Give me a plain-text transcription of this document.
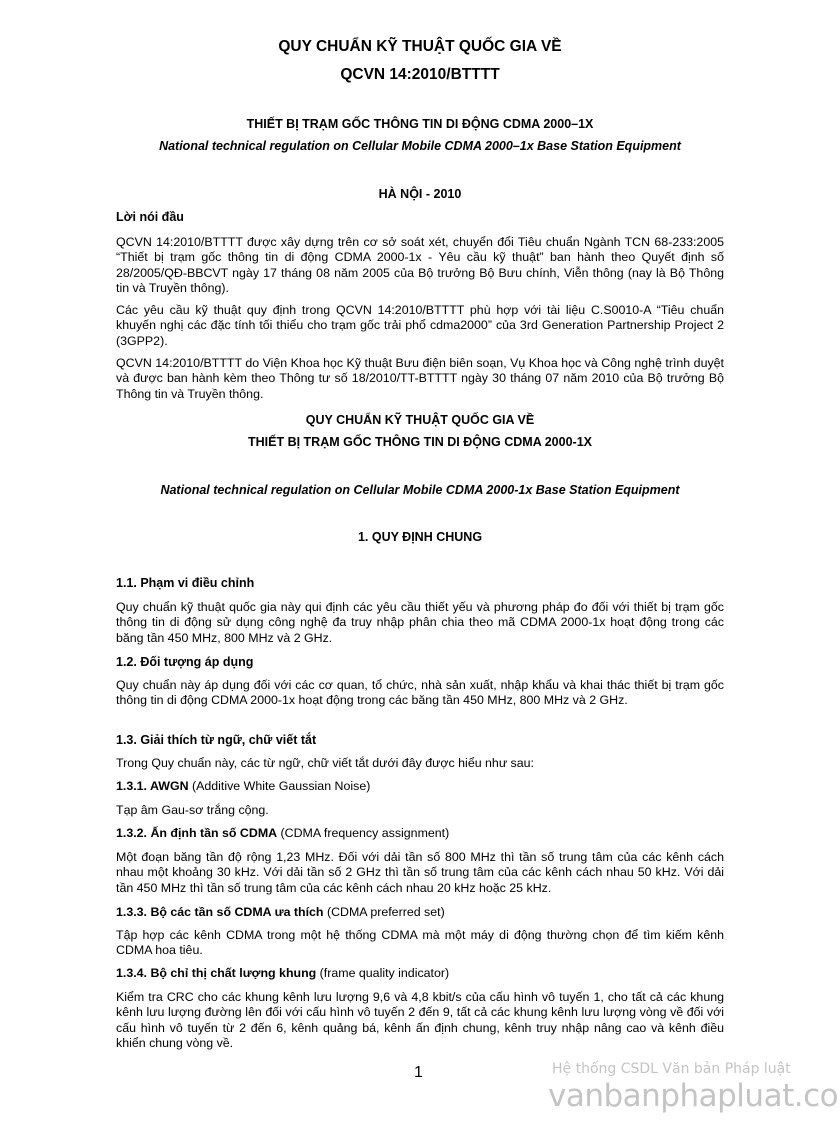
QUY CHUẨN KỸ THUẬT QUỐC GIA VỀ
QCVN 14:2010/BTTTT
THIẾT BỊ TRẠM GỐC THÔNG TIN DI ĐỘNG CDMA 2000–1X
National technical regulation on Cellular Mobile CDMA 2000–1x Base Station Equipment
HÀ NỘI - 2010
Lời nói đầu
QCVN 14:2010/BTTTT được xây dựng trên cơ sở soát xét, chuyển đổi Tiêu chuẩn Ngành TCN 68-233:2005 “Thiết bị trạm gốc thông tin di động CDMA 2000-1x - Yêu cầu kỹ thuật” ban hành theo Quyết định số 28/2005/QĐ-BBCVT ngày 17 tháng 08 năm 2005 của Bộ trưởng Bộ Bưu chính, Viễn thông (nay là Bộ Thông tin và Truyền thông).
Các yêu cầu kỹ thuật quy định trong QCVN 14:2010/BTTTT phù hợp với tài liệu C.S0010-A “Tiêu chuẩn khuyến nghị các đặc tính tối thiểu cho trạm gốc trải phổ cdma2000” của 3rd Generation Partnership Project 2 (3GPP2).
QCVN 14:2010/BTTTT do Viện Khoa học Kỹ thuật Bưu điện biên soạn, Vụ Khoa học và Công nghệ trình duyệt và được ban hành kèm theo Thông tư số 18/2010/TT-BTTTT ngày 30 tháng 07 năm 2010 của Bộ trưởng Bộ Thông tin và Truyền thông.
QUY CHUẨN KỸ THUẬT QUỐC GIA VỀ
THIẾT BỊ TRẠM GỐC THÔNG TIN DI ĐỘNG CDMA 2000-1X
National technical regulation on Cellular Mobile CDMA 2000-1x Base Station Equipment
1. QUY ĐỊNH CHUNG
1.1. Phạm vi điều chỉnh
Quy chuẩn kỹ thuật quốc gia này qui định các yêu cầu thiết yếu và phương pháp đo đối với thiết bị trạm gốc thông tin di động sử dụng công nghệ đa truy nhập phân chia theo mã CDMA 2000-1x hoạt động trong các băng tần 450 MHz, 800 MHz và 2 GHz.
1.2. Đối tượng áp dụng
Quy chuẩn này áp dụng đối với các cơ quan, tổ chức, nhà sản xuất, nhập khẩu và khai thác thiết bị trạm gốc thông tin di động CDMA 2000-1x hoạt động trong các băng tần 450 MHz, 800 MHz và 2 GHz.
1.3. Giải thích từ ngữ, chữ viết tắt
Trong Quy chuẩn này, các từ ngữ, chữ viết tắt dưới đây được hiểu như sau:
1.3.1. AWGN (Additive White Gaussian Noise)
Tạp âm Gau-sơ trắng cộng.
1.3.2. Ấn định tần số CDMA (CDMA frequency assignment)
Một đoạn băng tần độ rộng 1,23 MHz. Đối với dải tần số 800 MHz thì tần số trung tâm của các kênh cách nhau một khoảng 30 kHz. Với dải tần số 2 GHz thì tần số trung tâm của các kênh cách nhau 50 kHz. Với dải tần 450 MHz thì tần số trung tâm của các kênh cách nhau 20 kHz hoặc 25 kHz.
1.3.3. Bộ các tần số CDMA ưa thích (CDMA preferred set)
Tập hợp các kênh CDMA trong một hệ thống CDMA mà một máy di động thường chọn để tìm kiếm kênh CDMA hoa tiêu.
1.3.4. Bộ chỉ thị chất lượng khung (frame quality indicator)
Kiểm tra CRC cho các khung kênh lưu lượng 9,6 và 4,8 kbit/s của cấu hình vô tuyến 1, cho tất cả các khung kênh lưu lượng đường lên đối với cấu hình vô tuyến 2 đến 9, tất cả các khung kênh lưu lượng vòng về đối với cấu hình vô tuyến từ 2 đến 6, kênh quảng bá, kênh ấn định chung, kênh truy nhập nâng cao và kênh điều khiển chung vòng về.
1	Hệ thống CSDL Văn bản Pháp luật
vanbanphapluat.co
